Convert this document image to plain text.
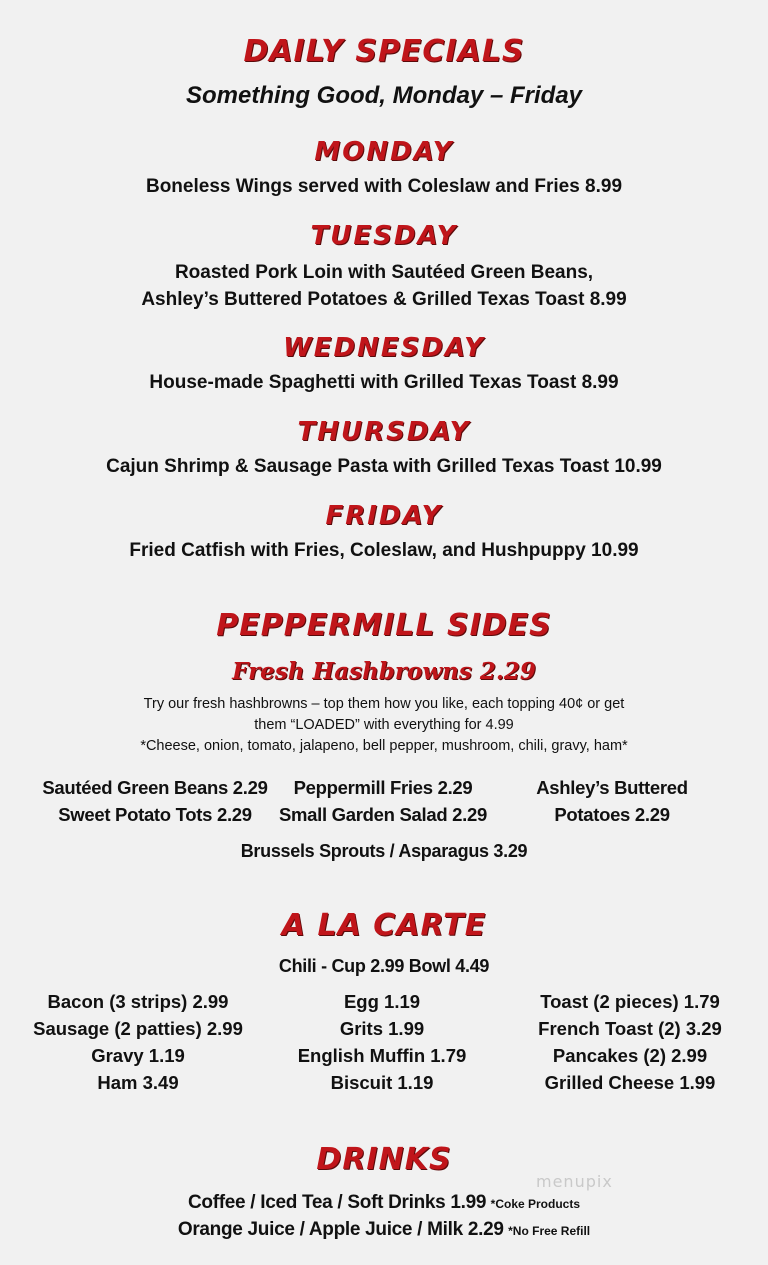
DAILY SPECIALS
Something Good, Monday – Friday
MONDAY
Boneless Wings served with Coleslaw and Fries 8.99
TUESDAY
Roasted Pork Loin with Sautéed Green Beans,
Ashley’s Buttered Potatoes & Grilled Texas Toast 8.99
WEDNESDAY
House-made Spaghetti with Grilled Texas Toast 8.99
THURSDAY
Cajun Shrimp & Sausage Pasta with Grilled Texas Toast 10.99
FRIDAY
Fried Catfish with Fries, Coleslaw, and Hushpuppy 10.99
PEPPERMILL SIDES
Fresh Hashbrowns 2.29
Try our fresh hashbrowns – top them how you like, each topping 40¢ or get
them “LOADED” with everything for 4.99
*Cheese, onion, tomato, jalapeno, bell pepper, mushroom, chili, gravy, ham*
Sautéed Green Beans 2.29
Sweet Potato Tots 2.29
Peppermill Fries 2.29
Small Garden Salad 2.29
Ashley’s Buttered
Potatoes 2.29
Brussels Sprouts / Asparagus 3.29
A LA CARTE
Chili - Cup 2.99 Bowl 4.49
Bacon (3 strips) 2.99
Sausage (2 patties) 2.99
Gravy 1.19
Ham 3.49
Egg 1.19
Grits 1.99
English Muffin 1.79
Biscuit 1.19
Toast (2 pieces) 1.79
French Toast (2) 3.29
Pancakes (2) 2.99
Grilled Cheese 1.99
DRINKS
menupix
Coffee / Iced Tea / Soft Drinks 1.99 *Coke Products
Orange Juice / Apple Juice / Milk 2.29 *No Free Refill
